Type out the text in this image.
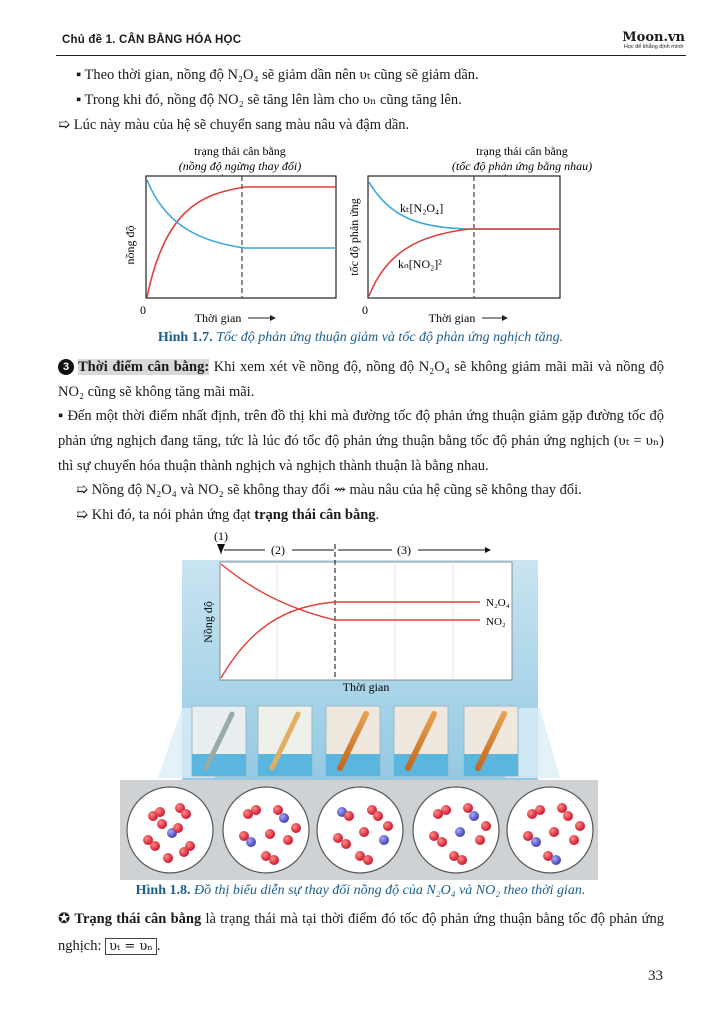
Chủ đề 1. CÂN BẰNG HÓA HỌC	Moon.vn
Học để khẳng định mình
▪ Theo thời gian, nồng độ N₂O₄ sẽ giảm dần nên υₜ cũng sẽ giảm dần.
▪ Trong khi đó, nồng độ NO₂ sẽ tăng lên làm cho υₙ cũng tăng lên.
➯ Lúc này màu của hệ sẽ chuyển sang màu nâu và đậm dần.
trạng thái cân bằng
(nồng độ ngừng thay đổi)
nồng độ
0
Thời gian
trạng thái cân bằng
(tốc độ phản ứng bằng nhau)
kₜ[N₂O₄]
kₙ[NO₂]²
tốc độ phản ứng
0
Thời gian
Hình 1.7. Tốc độ phản ứng thuận giảm và tốc độ phản ứng nghịch tăng.
3 Thời điểm cân bằng: Khi xem xét về nồng độ, nồng độ N₂O₄ sẽ không giảm mãi mãi và nồng độ NO₂ cũng sẽ không tăng mãi mãi.
▪ Đến một thời điểm nhất định, trên đồ thị khi mà đường tốc độ phản ứng thuận giảm gặp đường tốc độ phản ứng nghịch đang tăng, tức là lúc đó tốc độ phản ứng thuận bằng tốc độ phản ứng nghịch (υₜ = υₙ) thì sự chuyển hóa thuận thành nghịch và nghịch thành thuận là bằng nhau.
➯ Nồng độ N₂O₄ và NO₂ sẽ không thay đổi ⇝ màu nâu của hệ cũng sẽ không thay đổi.
➯ Khi đó, ta nói phản ứng đạt trạng thái cân bằng.
(1)
(2)	(3)
N₂O₄
NO₂
Nồng độ
Thời gian
Hình 1.8. Đồ thị biểu diễn sự thay đổi nồng độ của N₂O₄ và NO₂ theo thời gian.
✪ Trạng thái cân bằng là trạng thái mà tại thời điểm đó tốc độ phản ứng thuận bằng tốc độ phản ứng nghịch: υₜ = υₙ .
33
